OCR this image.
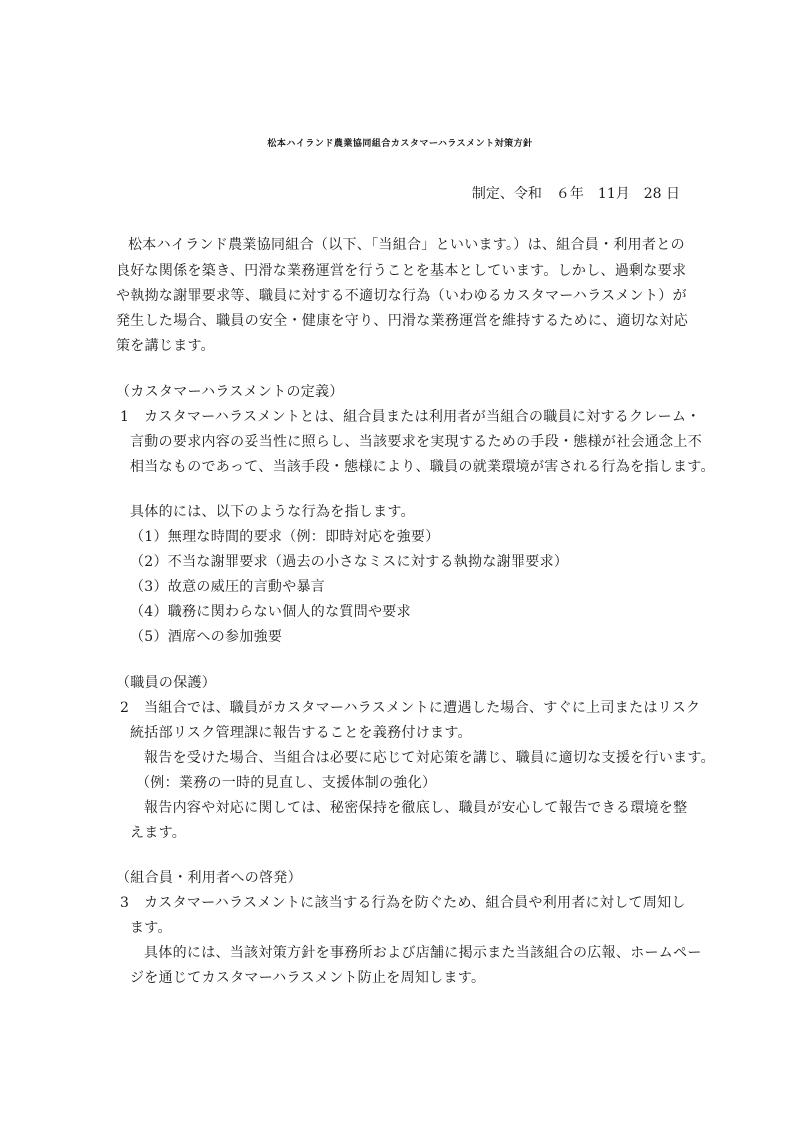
松本ハイランド農業協同組合カスタマーハラスメント対策方針
制定、令和　６年　11月　28 日
松本ハイランド農業協同組合（以下、「当組合」といいます。）は、組合員・利用者との
良好な関係を築き、円滑な業務運営を行うことを基本としています。しかし、過剰な要求
や執拗な謝罪要求等、職員に対する不適切な行為（いわゆるカスタマーハラスメント）が
発生した場合、職員の安全・健康を守り、円滑な業務運営を維持するために、適切な対応
策を講じます。
（カスタマーハラスメントの定義）
1 カスタマーハラスメントとは、組合員または利用者が当組合の職員に対するクレーム・
言動の要求内容の妥当性に照らし、当該要求を実現するための手段・態様が社会通念上不
相当なものであって、当該手段・態様により、職員の就業環境が害される行為を指します。
具体的には、以下のような行為を指します。
（1）無理な時間的要求（例：即時対応を強要）
（2）不当な謝罪要求（過去の小さなミスに対する執拗な謝罪要求）
（3）故意の威圧的言動や暴言
（4）職務に関わらない個人的な質問や要求
（5）酒席への参加強要
（職員の保護）
2 当組合では、職員がカスタマーハラスメントに遭遇した場合、すぐに上司またはリスク
統括部リスク管理課に報告することを義務付けます。
報告を受けた場合、当組合は必要に応じて対応策を講じ、職員に適切な支援を行います。
（例：業務の一時的見直し、支援体制の強化）
報告内容や対応に関しては、秘密保持を徹底し、職員が安心して報告できる環境を整
えます。
（組合員・利用者への啓発）
3 カスタマーハラスメントに該当する行為を防ぐため、組合員や利用者に対して周知し
ます。
具体的には、当該対策方針を事務所および店舗に掲示また当該組合の広報、ホームペー
ジを通じてカスタマーハラスメント防止を周知します。
